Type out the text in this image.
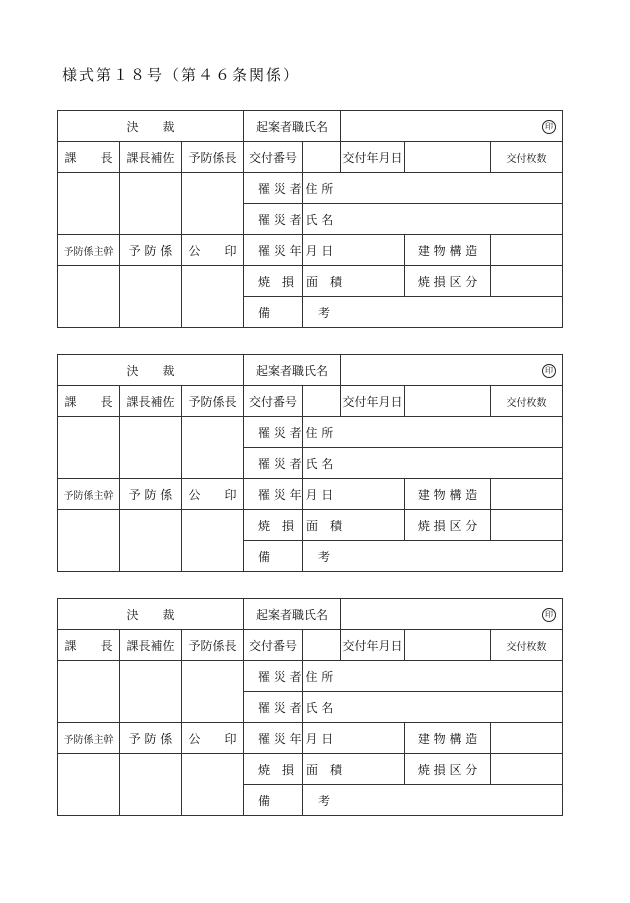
様式第１８号（第４６条関係）
決　　裁			起案者職氏名		印		
課　　長	課長補佐	予防係長	交付番号		交付年月日		交付枚数
			罹 災 者 住 所				
			罹 災 者 氏 名				
予防係主幹	予 防 係	公　　印	罹 災 年 月 日			建 物 構 造	
			焼　損　面　積			焼 損 区 分	
			備　　　　考				
決　　裁			起案者職氏名		印		
課　　長	課長補佐	予防係長	交付番号		交付年月日		交付枚数
			罹 災 者 住 所				
			罹 災 者 氏 名				
予防係主幹	予 防 係	公　　印	罹 災 年 月 日			建 物 構 造	
			焼　損　面　積			焼 損 区 分	
			備　　　　考				
決　　裁			起案者職氏名		印		
課　　長	課長補佐	予防係長	交付番号		交付年月日		交付枚数
			罹 災 者 住 所				
			罹 災 者 氏 名				
予防係主幹	予 防 係	公　　印	罹 災 年 月 日			建 物 構 造	
			焼　損　面　積			焼 損 区 分	
			備　　　　考				
